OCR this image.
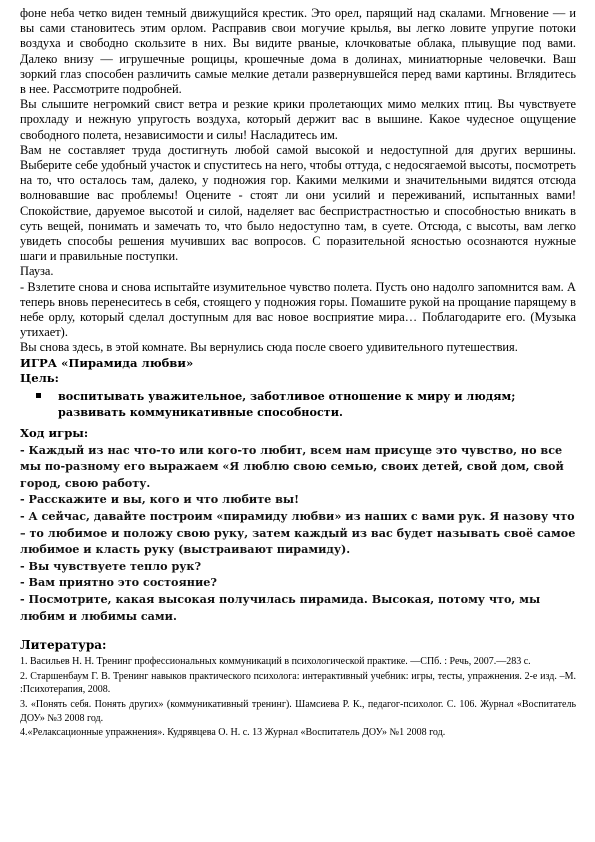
фоне неба четко виден темный движущийся крестик. Это орел, парящий над скалами. Мгновение — и вы сами становитесь этим орлом. Расправив свои могучие крылья, вы легко ловите упругие потоки воздуха и свободно скользите в них. Вы видите рваные, клочковатые облака, плывущие под вами. Далеко внизу — игрушечные рощицы, крошечные дома в долинах, миниатюрные человечки. Ваш зоркий глаз способен различить самые мелкие детали развернувшейся перед вами картины. Вглядитесь в нее. Рассмотрите подробней.

Вы слышите негромкий свист ветра и резкие крики пролетающих мимо мелких птиц. Вы чувствуете прохладу и нежную упругость воздуха, который держит вас в вышине. Какое чудесное ощущение свободного полета, независимости и силы! Насладитесь им.

Вам не составляет труда достигнуть любой самой высокой и недоступной для других вершины. Выберите себе удобный участок и спуститесь на него, чтобы оттуда, с недосягаемой высоты, посмотреть на то, что осталось там, далеко, у подножия гор. Какими мелкими и значительными видятся отсюда волновавшие вас проблемы! Оцените - стоят ли они усилий и переживаний, испытанных вами! Спокойствие, даруемое высотой и силой, наделяет вас беспристрастностью и способностью вникать в суть вещей, понимать и замечать то, что было недоступно там, в суете. Отсюда, с высоты, вам легко увидеть способы решения мучивших вас вопросов. С поразительной ясностью осознаются нужные шаги и правильные поступки.

Пауза.

- Взлетите снова и снова испытайте изумительное чувство полета. Пусть оно надолго запомнится вам. А теперь вновь перенеситесь в себя, стоящего у подножия горы. Помашите рукой на прощание парящему в небе орлу, который сделал доступным для вас новое восприятие мира… Поблагодарите его. (Музыка утихает).

Вы снова здесь, в этой комнате. Вы вернулись сюда после своего удивительного путешествия.

ИГРА «Пирамида любви»
Цель:
воспитывать уважительное, заботливое отношение к миру и людям; развивать коммуникативные способности.
Ход игры:

- Каждый из нас что-то или кого-то любит, всем нам присуще это чувство, но все мы по-разному его выражаем «Я люблю свою семью, своих детей, свой дом, свой город, свою работу.

- Расскажите и вы, кого и что любите вы!

- А сейчас, давайте построим «пирамиду любви» из наших с вами рук. Я назову что – то любимое и положу свою руку, затем каждый из вас будет называть своё самое любимое и класть руку (выстраивают пирамиду).

- Вы чувствуете тепло рук?

- Вам приятно это состояние?

- Посмотрите, какая высокая получилась пирамида. Высокая, потому что, мы любим и любимы сами.

Литература:

1. Васильев Н. Н. Тренинг профессиональных коммуникаций в психологической практике. —СПб. : Речь, 2007.—283 с.

2. Старшенбаум Г. В. Тренинг навыков практического психолога: интерактивный учебник: игры, тесты, упражнения. 2-е изд. –М. :Психотерапия, 2008.

3. «Понять себя. Понять других» (коммуникативный тренинг). Шамсиева Р. К., педагог-психолог. С. 106. Журнал «Воспитатель ДОУ» №3 2008 год.

4.«Релаксационные упражнения». Кудрявцева О. Н. с. 13 Журнал «Воспитатель ДОУ» №1 2008 год.
